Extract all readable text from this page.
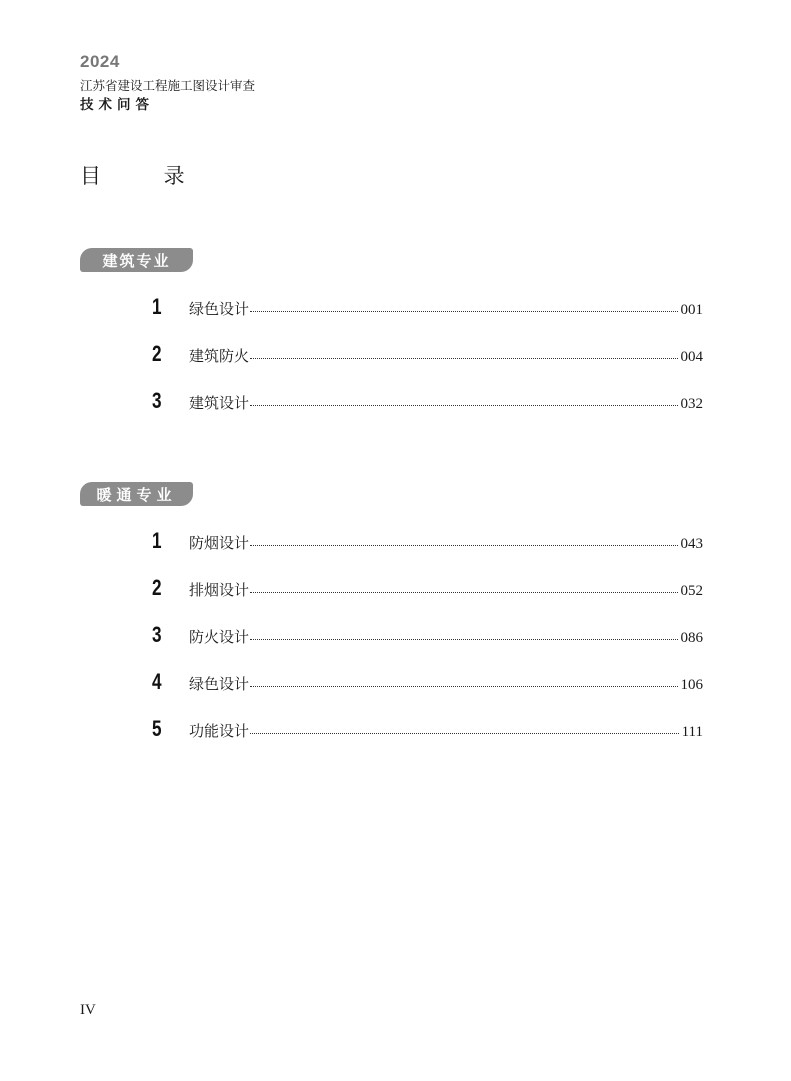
2024
江苏省建设工程施工图设计审查
技术问答
目 录
建筑专业
1	绿色设计	001
2	建筑防火	004
3	建筑设计	032
暖通专业
1	防烟设计	043
2	排烟设计	052
3	防火设计	086
4	绿色设计	106
5	功能设计	111
IV
